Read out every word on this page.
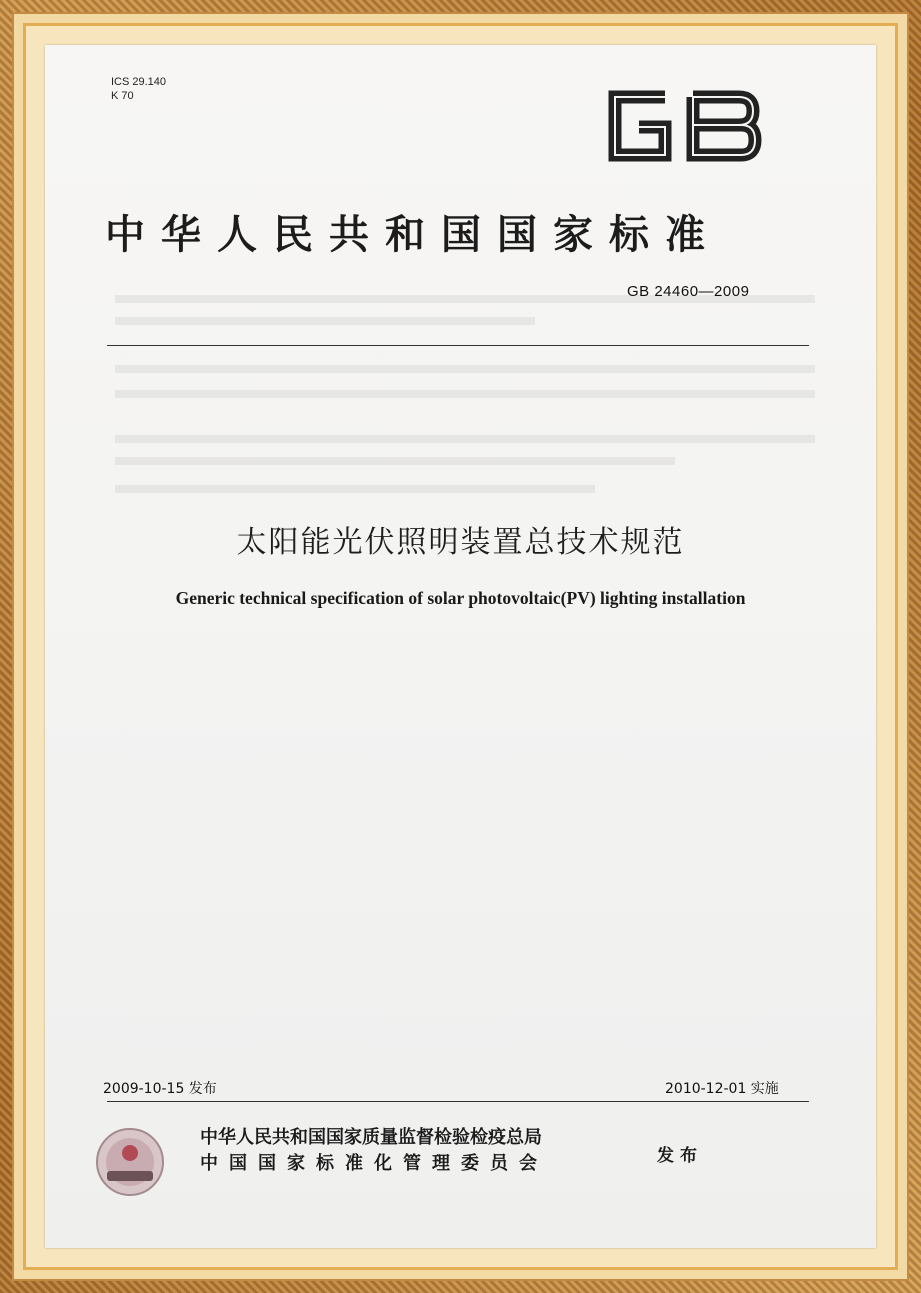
ICS 29.140
K 70
中华人民共和国国家标准
GB 24460—2009
太阳能光伏照明装置总技术规范
Generic technical specification of solar photovoltaic(PV) lighting installation
2009-10-15 发布	2010-12-01 实施
中华人民共和国国家质量监督检验检疫总局
中国国家标准化管理委员会	发布
